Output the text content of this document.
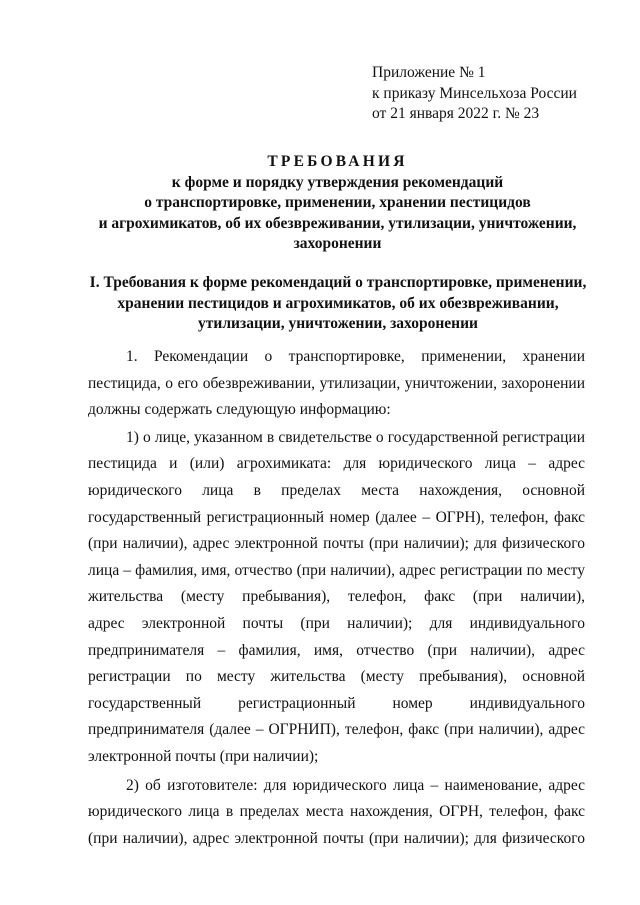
Приложение № 1
к приказу Минсельхоза России
от 21 января 2022 г. № 23
ТРЕБОВАНИЯ
к форме и порядку утверждения рекомендаций
о транспортировке, применении, хранении пестицидов
и агрохимикатов, об их обезвреживании, утилизации, уничтожении,
захоронении
I. Требования к форме рекомендаций о транспортировке, применении,
хранении пестицидов и агрохимикатов, об их обезвреживании,
утилизации, уничтожении, захоронении

1. Рекомендации о транспортировке, применении, хранении
пестицида, о его обезвреживании, утилизации, уничтожении, захоронении
должны содержать следующую информацию:

1) о лице, указанном в свидетельстве о государственной регистрации
пестицида и (или) агрохимиката: для юридического лица – адрес
юридического лица в пределах места нахождения, основной
государственный регистрационный номер (далее – ОГРН), телефон, факс
(при наличии), адрес электронной почты (при наличии); для физического
лица – фамилия, имя, отчество (при наличии), адрес регистрации по месту
жительства (месту пребывания), телефон, факс (при наличии),
адрес электронной почты (при наличии); для индивидуального
предпринимателя – фамилия, имя, отчество (при наличии), адрес
регистрации по месту жительства (месту пребывания), основной
государственный регистрационный номер индивидуального
предпринимателя (далее – ОГРНИП), телефон, факс (при наличии), адрес
электронной почты (при наличии);

2) об изготовителе: для юридического лица – наименование, адрес
юридического лица в пределах места нахождения, ОГРН, телефон, факс
(при наличии), адрес электронной почты (при наличии); для физического
